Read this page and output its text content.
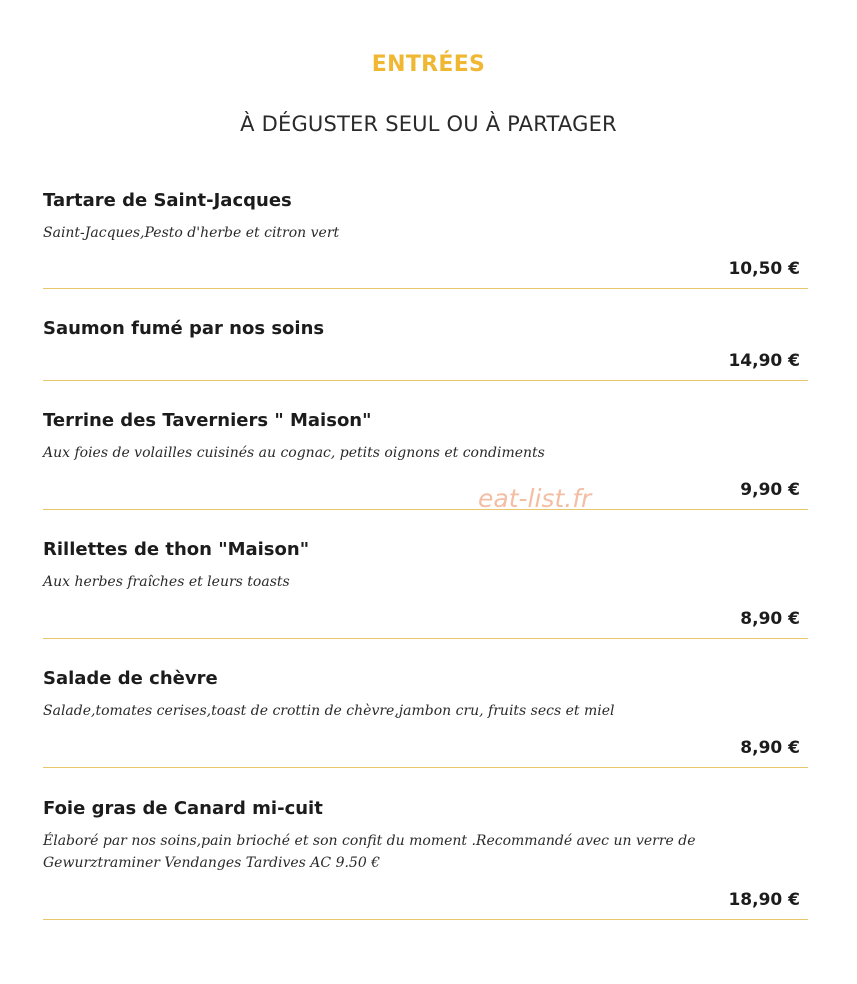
ENTRÉES
À DÉGUSTER SEUL OU À PARTAGER
Tartare de Saint-Jacques
Saint-Jacques,Pesto d'herbe et citron vert
10,50 €
Saumon fumé par nos soins
14,90 €
Terrine des Taverniers " Maison"
Aux foies de volailles cuisinés au cognac, petits oignons et condiments
9,90 €
Rillettes de thon "Maison"
Aux herbes fraîches et leurs toasts
8,90 €
Salade de chèvre
Salade,tomates cerises,toast de crottin de chèvre,jambon cru, fruits secs et miel
8,90 €
Foie gras de Canard mi-cuit
Élaboré par nos soins,pain brioché et son confit du moment .Recommandé avec un verre de Gewurztraminer Vendanges Tardives AC 9.50 €
18,90 €
eat-list.fr
